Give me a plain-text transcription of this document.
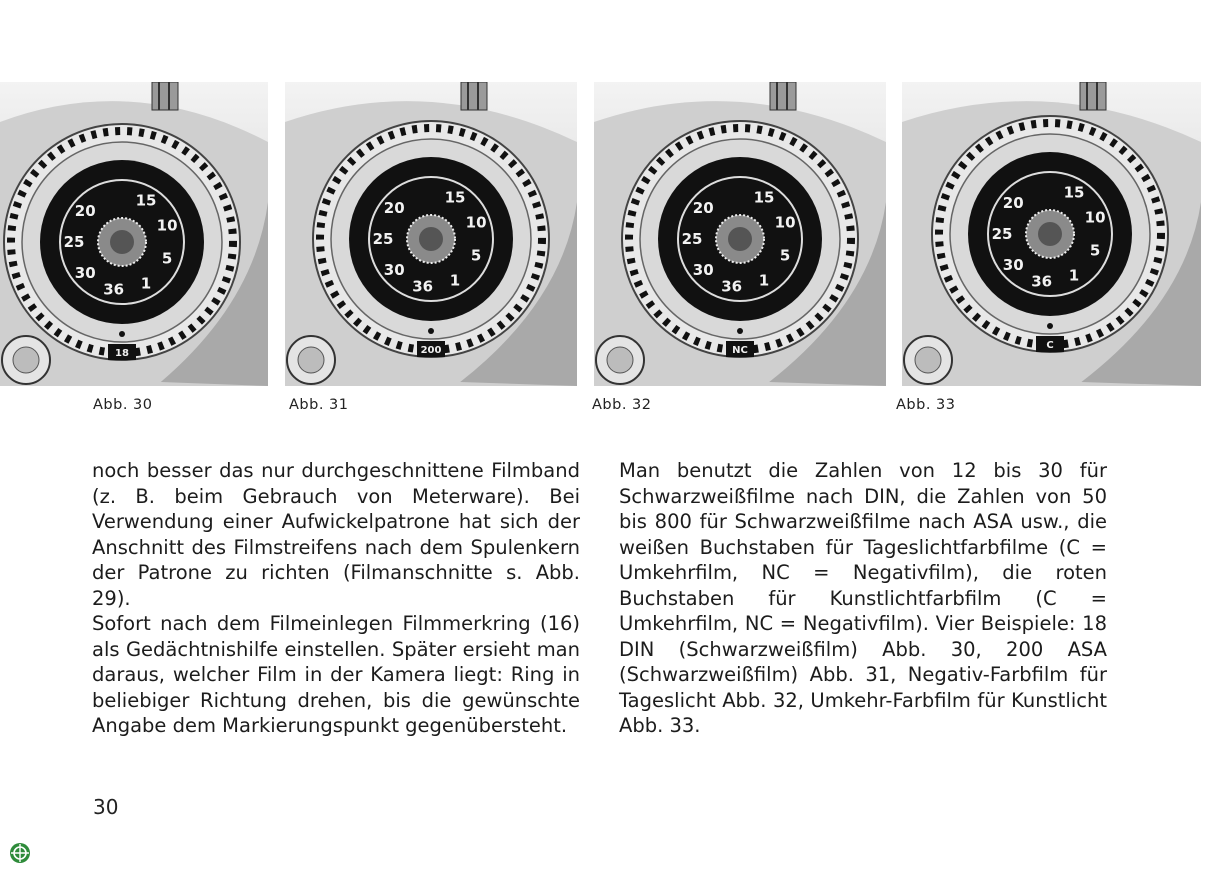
15
10
5
1
36
30
25
20
18
15
10
5
1
36
30
25
20
200
15
10
5
1
36
30
25
20
NC
15
10
5
1
36
30
25
20
C
Abb. 30	Abb. 31	Abb. 32	Abb. 33

noch besser das nur durchgeschnittene Filmband (z. B. beim Gebrauch von Meterware). Bei Verwendung einer Aufwickelpatrone hat sich der Anschnitt des Filmstreifens nach dem Spulenkern der Patrone zu richten (Filmanschnitte s. Abb. 29).

Sofort nach dem Filmeinlegen Filmmerkring (16) als Gedächtnishilfe einstellen. Später ersieht man daraus, welcher Film in der Kamera liegt: Ring in beliebiger Richtung drehen, bis die gewünschte Angabe dem Markierungspunkt gegenübersteht.

Man benutzt die Zahlen von 12 bis 30 für Schwarzweißfilme nach DIN, die Zahlen von 50 bis 800 für Schwarzweißfilme nach ASA usw., die weißen Buchstaben für Tageslichtfarbfilme (C = Umkehrfilm, NC = Negativfilm), die roten Buchstaben für Kunstlichtfarbfilm (C = Umkehrfilm, NC = Negativfilm). Vier Beispiele: 18 DIN (Schwarzweißfilm) Abb. 30, 200 ASA (Schwarzweißfilm) Abb. 31, Negativ-Farbfilm für Tageslicht Abb. 32, Umkehr-Farbfilm für Kunstlicht Abb. 33.

30
